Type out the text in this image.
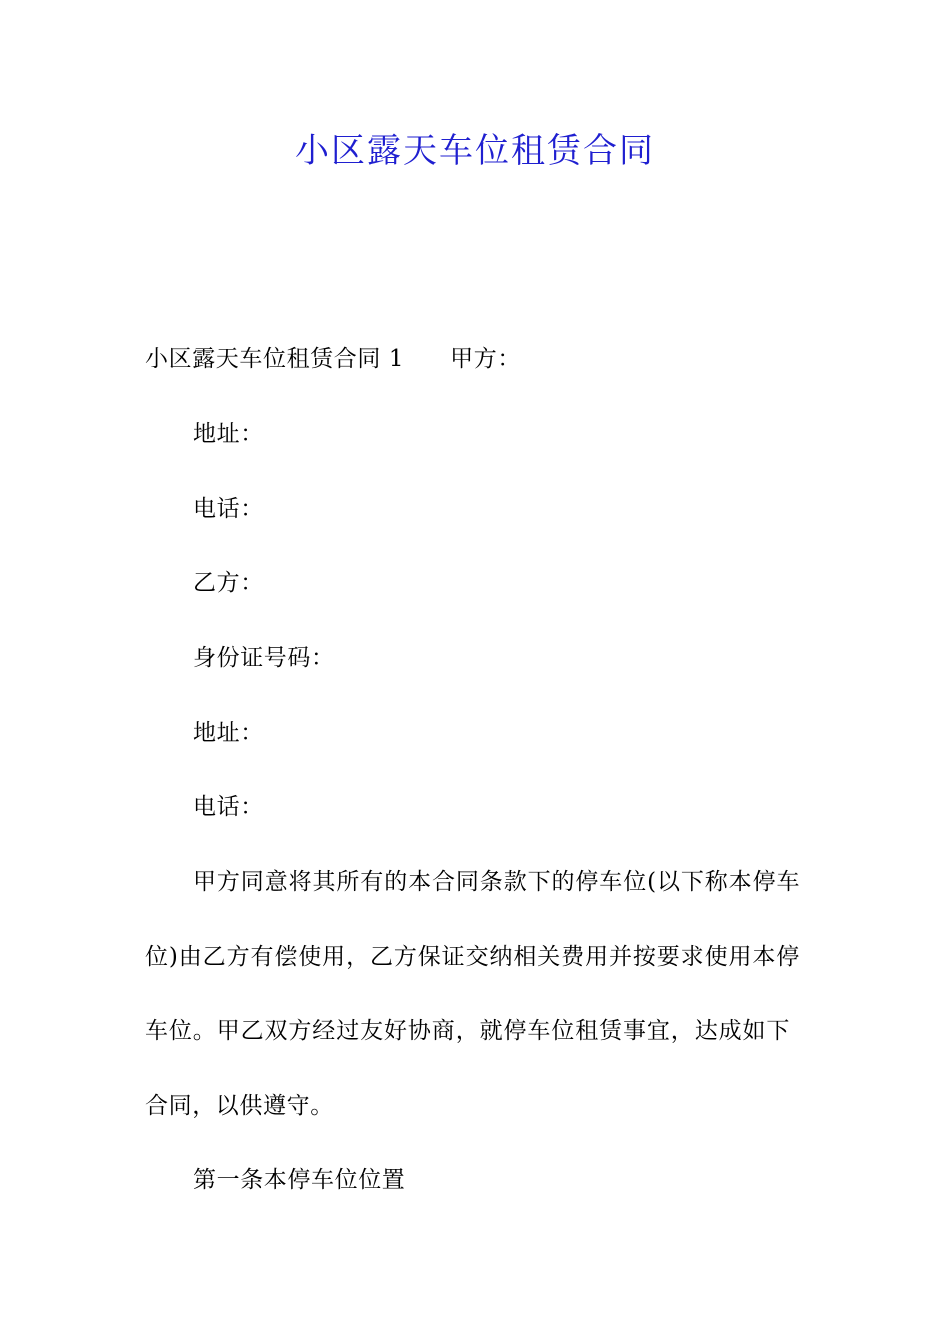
小区露天车位租赁合同
小区露天车位租赁合同 1 甲方：
地址：
电话：
乙方：
身份证号码：
地址：
电话：
甲方同意将其所有的本合同条款下的停车位(以下称本停车
位)由乙方有偿使用，乙方保证交纳相关费用并按要求使用本停
车位。甲乙双方经过友好协商，就停车位租赁事宜，达成如下
合同，以供遵守。
第一条本停车位位置
